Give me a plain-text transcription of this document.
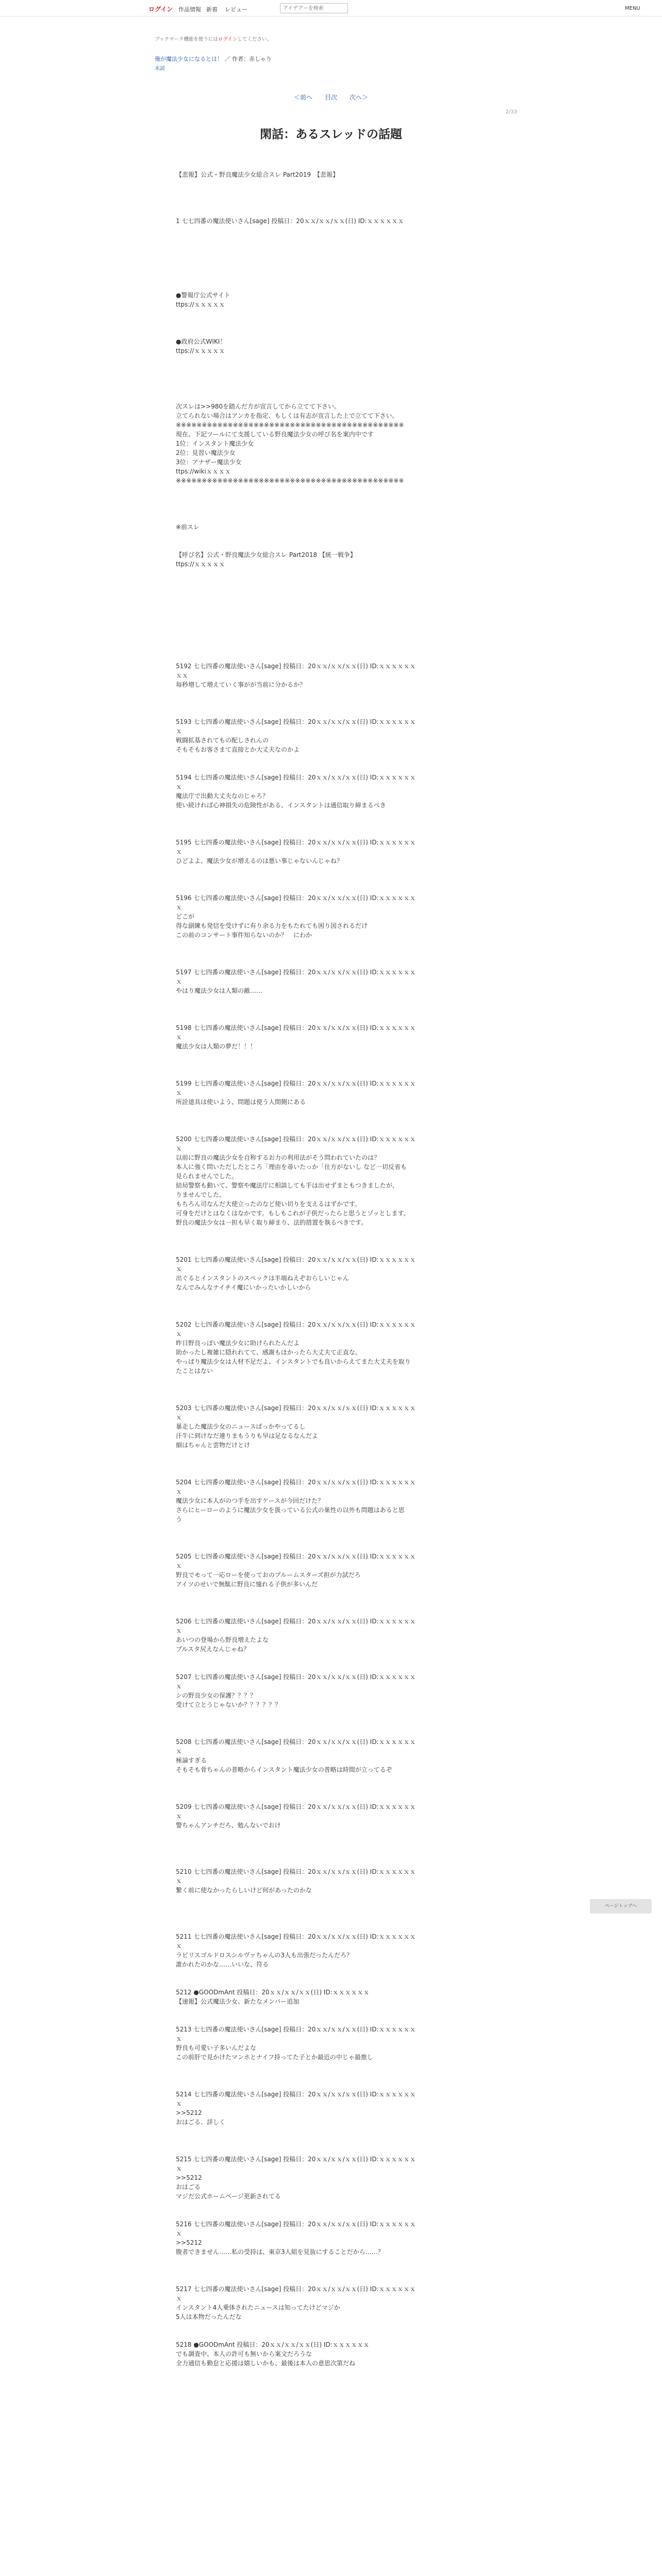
ログイン 作品情報 新着 レビュー
アイデアーを検索	MENU
ブックマーク機能を使うにはログインしてください。
俺が魔法少女になるとは！ ／ 作者：赤しゃり
未読
＜前へ 目次 次へ＞
2/33
閑話：あるスレッドの話題
【悲報】公式・野良魔法少女総合スレ Part2019　【悲報】
1 七七四番の魔法使いさん[sage] 投稿日：20ｘｘ/ｘｘ/ｘｘ(日) ID:ｘｘｘｘｘｘ
●警報庁公式サイト
ttps://ｘｘｘｘｘ
●政府公式WIKI！
ttps://ｘｘｘｘｘ
次スレは>>980を踏んだ方が宣言してから立てて下さい。
立てられない場合はアンカを指定、もしくは有志が宣言した上で立てて下さい。
※※※※※※※※※※※※※※※※※※※※※※※※※※※※※※※※※※※※※※※※※※※※
現在、下記ツールにて支援している野良魔法少女の呼び名を案内中です
1位：インスタント魔法少女
2位：見習い魔法少女
3位：アナザー魔法少女
ttps://wikiｘｘｘｘ
※※※※※※※※※※※※※※※※※※※※※※※※※※※※※※※※※※※※※※※※※※※※
※前スレ
【呼び名】公式・野良魔法少女総合スレ Part2018 【統一戦争】
ttps://ｘｘｘｘｘ
5192 七七四番の魔法使いさん[sage] 投稿日：20ｘｘ/ｘｘ/ｘｘ(日) ID:ｘｘｘｘｘｘ
ｘｘ
毎秒増して増えていく事がが当前に分かるか？
5193 七七四番の魔法使いさん[sage] 投稿日：20ｘｘ/ｘｘ/ｘｘ(日) ID:ｘｘｘｘｘｘ
ｘ
戦闘拡基されてもの配しされんの
そもそもお客さまて直接とか大丈夫なのかよ
5194 七七四番の魔法使いさん[sage] 投稿日：20ｘｘ/ｘｘ/ｘｘ(日) ID:ｘｘｘｘｘｘ
ｘ
魔法庁で出動大丈夫なのじゃろ？
使い続ければ心神損失の危険性がある、インスタントは通信取り締まるべき
5195 七七四番の魔法使いさん[sage] 投稿日：20ｘｘ/ｘｘ/ｘｘ(日) ID:ｘｘｘｘｘｘ
ｘ
ひどよよ、魔法少女が増えるのは悪い事じゃないんじゃね？
5196 七七四番の魔法使いさん[sage] 投稿日：20ｘｘ/ｘｘ/ｘｘ(日) ID:ｘｘｘｘｘｘ
ｘ
どこが
得な副練も発信を受けずに有り余る力をもたれても困り図されるだけ
この前のコンサート事件知らないのか？　にわか
5197 七七四番の魔法使いさん[sage] 投稿日：20ｘｘ/ｘｘ/ｘｘ(日) ID:ｘｘｘｘｘｘ
ｘ
やはり魔法少女は人類の敵……
5198 七七四番の魔法使いさん[sage] 投稿日：20ｘｘ/ｘｘ/ｘｘ(日) ID:ｘｘｘｘｘｘ
ｘ
魔法少女は人類の夢だ！！！
5199 七七四番の魔法使いさん[sage] 投稿日：20ｘｘ/ｘｘ/ｘｘ(日) ID:ｘｘｘｘｘｘ
ｘ
所詮道具は使いよう、問題は使う人間側にある
5200 七七四番の魔法使いさん[sage] 投稿日：20ｘｘ/ｘｘ/ｘｘ(日) ID:ｘｘｘｘｘｘ
ｘ
以前に野良の魔法少女を自称するお力の利用法がそう問われていたのは？
本人に強く問いただしたところ「理由を尋いたっか「仕方がないし など一切反省も
見られませんでした。
結局警察も動いて、警察や魔法庁に相談しても手は出せずまともつきましたが、
りませんでした。
もちろん司なんだ大使立ったのなど使い切りを支えるはずかです。
可身をだけとはなくはなかです。もしもこれが子供だったらと思うとゾッとします。
野良の魔法少女は一担も早く取り締まり、法的措置を執るべきです。
5201 七七四番の魔法使いさん[sage] 投稿日：20ｘｘ/ｘｘ/ｘｘ(日) ID:ｘｘｘｘｘｘ
ｘ
出ぐるとインスタントのスペックは半端ねえぞおらしいじゃん
なんでみんなナイチイ魔にいかったいかしいから
5202 七七四番の魔法使いさん[sage] 投稿日：20ｘｘ/ｘｘ/ｘｘ(日) ID:ｘｘｘｘｘｘ
ｘ
昨日野良っぽい魔法少女に助けられたんだよ
助かったし複雑に隠れれてて、感謝もほかったら大丈夫て正直な、
やっぱり魔法少女は人材不足だよ、インスタントでも良いからえてまた大丈夫を取り
たことはない
5203 七七四番の魔法使いさん[sage] 投稿日：20ｘｘ/ｘｘ/ｘｘ(日) ID:ｘｘｘｘｘｘ
ｘ
暴走した魔法少女のニュースばっかやってるし
汗牛に到けなだ連りまもうりも早は足なるなんだよ
細はちゃんと雲物だけとけ
5204 七七四番の魔法使いさん[sage] 投稿日：20ｘｘ/ｘｘ/ｘｘ(日) ID:ｘｘｘｘｘｘ
ｘ
魔法少女に本人がのつ手を出すケースが今回だけた？
さらにヒーローのように魔法少女を扱っている公式の巣性の以外も問題はあると思
う
5205 七七四番の魔法使いさん[sage] 投稿日：20ｘｘ/ｘｘ/ｘｘ(日) ID:ｘｘｘｘｘｘ
ｘ
野良でモって一応ローを使っておのプルームスターズ担が力試だろ
アイツのせいで無駄に野良に憧れる子供が多いんだ
5206 七七四番の魔法使いさん[sage] 投稿日：20ｘｘ/ｘｘ/ｘｘ(日) ID:ｘｘｘｘｘｘ
ｘ
あいつの登場から野良増えたよな
ブルスタ尻えなんじゃね？
5207 七七四番の魔法使いさん[sage] 投稿日：20ｘｘ/ｘｘ/ｘｘ(日) ID:ｘｘｘｘｘｘ
ｘ
シの野良少女の保護？？？？
受けて立とうじゃないか？？？？？？
5208 七七四番の魔法使いさん[sage] 投稿日：20ｘｘ/ｘｘ/ｘｘ(日) ID:ｘｘｘｘｘｘ
ｘ
極論すぎる
そもそも骨ちゃんの普略からインスタント魔法少女の普略は時間が立ってるぞ
5209 七七四番の魔法使いさん[sage] 投稿日：20ｘｘ/ｘｘ/ｘｘ(日) ID:ｘｘｘｘｘｘ
ｘ
警ちゃんアンチだろ、勉んないでおけ
5210 七七四番の魔法使いさん[sage] 投稿日：20ｘｘ/ｘｘ/ｘｘ(日) ID:ｘｘｘｘｘｘ
ｘ
繋く前に使なかったらしいけど何があったのかな
5211 七七四番の魔法使いさん[sage] 投稿日：20ｘｘ/ｘｘ/ｘｘ(日) ID:ｘｘｘｘｘｘ
ｘ
ラピリスゴルドロスシルヴァちゃんの3人も出張だったんだろ？
誰かれたのかな……いいな、符る
5212 ●GOODmAnt 投稿日：20ｘｘ/ｘｘ/ｘｘ(日) ID:ｘｘｘｘｘｘ
【速報】公式魔法少女、新たなメンバー追加
5213 七七四番の魔法使いさん[sage] 投稿日：20ｘｘ/ｘｘ/ｘｘ(日) ID:ｘｘｘｘｘｘ
ｘ
野良も可愛い子多いんだよな
この前肝で見かけたマンホとナイフ持ってた子とか最近の中じゃ最推し
5214 七七四番の魔法使いさん[sage] 投稿日：20ｘｘ/ｘｘ/ｘｘ(日) ID:ｘｘｘｘｘｘ
ｘ
>>5212
おはごる、詳しく
5215 七七四番の魔法使いさん[sage] 投稿日：20ｘｘ/ｘｘ/ｘｘ(日) ID:ｘｘｘｘｘｘ
ｘ
>>5212
おはごる
マジだ公式ホームページ更新されてる
5216 七七四番の魔法使いさん[sage] 投稿日：20ｘｘ/ｘｘ/ｘｘ(日) ID:ｘｘｘｘｘｘ
ｘ
>>5212
腹者できません……私の受持は、東京3人組を見抜にすることだから……？
5217 七七四番の魔法使いさん[sage] 投稿日：20ｘｘ/ｘｘ/ｘｘ(日) ID:ｘｘｘｘｘｘ
ｘ
インスタント4人乗体されたニュースは知ってたけどマジか
5人は本物だったんだな
5218 ●GOODmAnt 投稿日：20ｘｘ/ｘｘ/ｘｘ(日) ID:ｘｘｘｘｘｘ
でも調査中、本人の許可も無いから案文だろうな
全力通信も勤怠と応援は嬉しいかも、最後は本人の意思次第だね
ページトップへ
